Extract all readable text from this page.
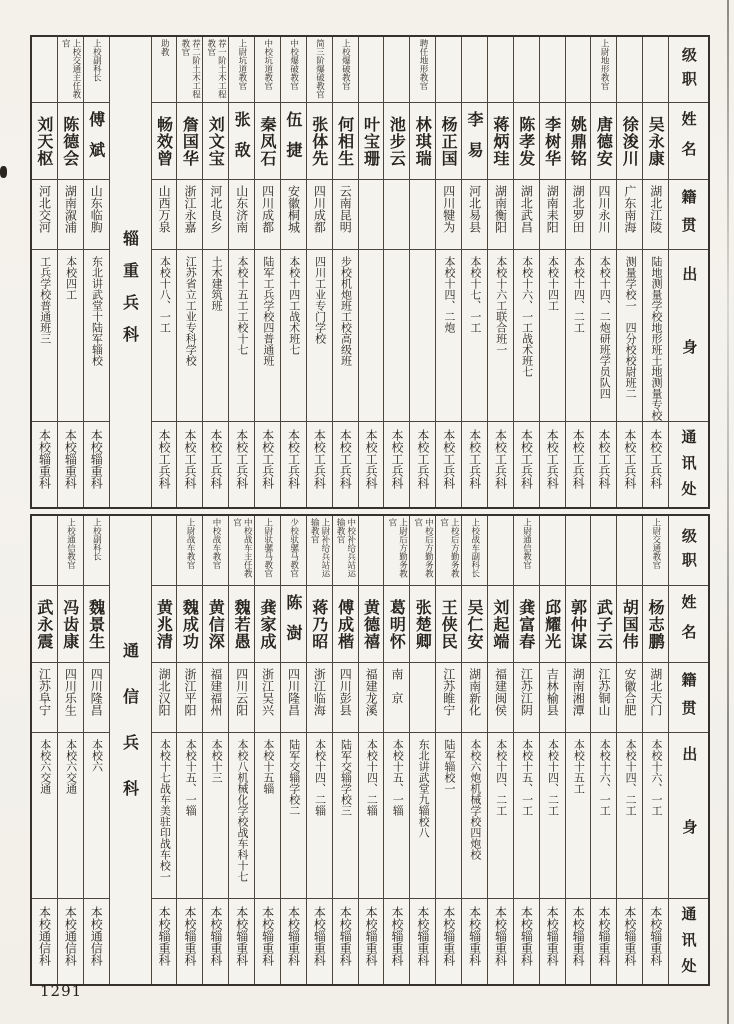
级职
姓名
籍贯
出身
通讯处
吴永康
湖北江陵
陆地测量学校地形班土地测量专校
本校工兵科
徐浚川
广东南海
测量学校一　四分校校尉班二
本校工兵科
上尉地形教官
唐德安
四川永川
本校十四、二炮研班学员队四
本校工兵科
姚鼎铭
湖北罗田
本校十四、二工
本校工兵科
李树华
湖南耒阳
本校十四工
本校工兵科
陈孝发
湖北武昌
本校十六、一工战术班七
本校工兵科
蒋炳珪
湖南衡阳
本校十六工联合班一
本校工兵科
李易
河北易县
本校十七、一工
本校工兵科
杨正国
四川犍为
本校十四、二炮
本校工兵科
聘任地形教官
林琪瑞
本校工兵科
池步云
本校工兵科
叶宝珊
本校工兵科
上校爆破教官
何相生
云南昆明
步校机炮班工校高级班
本校工兵科
简三阶爆破教官
张体先
四川成都
四川工业专门学校
本校工兵科
中校爆破教官
伍捷
安徽桐城
本校十四工战术班七
本校工兵科
中校坑道教官
秦凤石
四川成都
陆军工兵学校四普通班
本校工兵科
上尉坑道教官
张敌
山东济南
本校十五工工校十七
本校工兵科
荐一阶土木工程教官
刘文宝
河北良乡
土木建筑班
本校工兵科
荐二阶土木工程教官
詹国华
浙江永嘉
江苏省立工业专科学校
本校工兵科
助教
畅效曾
山西万泉
本校十八、一工
本校工兵科
辎重兵科
上校副科长
傅斌
山东临朐
东北讲武堂十陆军辎校
本校辎重科
上校交通主任教官
陈德会
湖南溆浦
本校四工
本校辎重科
刘天枢
河北交河
工兵学校普通班三
本校辎重科
级职
姓名
籍贯
出身
通讯处
上尉交通教官
杨志鹏
湖北天门
本校十六、一工
本校辎重科
胡国伟
安徽合肥
本校十四、二工
本校辎重科
武子云
江苏铜山
本校十六、一工
本校辎重科
郭仲谋
湖南湘潭
本校十五工
本校辎重科
邱耀光
吉林榆县
本校十四、二工
本校辎重科
上尉通信教官
龚富春
江苏江阴
本校十五、一工
本校辎重科
刘起端
福建闽侯
本校十四、二工
本校辎重科
上校战车副科长
吴仁安
湖南新化
本校六炮机械学校四炮校
本校辎重科
上校后方勤务教官
王侠民
江苏睢宁
陆军辎校一
本校辎重科
中校后方勤务教官
张楚卿
东北讲武堂九辎校八
本校辎重科
上尉后方勤务教官
葛明怀
南　京
本校十五、一辎
本校辎重科
黄德禧
福建龙溪
本校十四、二辎
本校辎重科
中校补给兵站运输教官
傅成楷
四川彭县
陆军交辎学校三
本校辎重科
上尉补给兵站运输教官
蒋乃昭
浙江临海
本校十四、二辎
本校辎重科
少校驮骡马教官
陈澍
四川隆昌
陆军交辎学校二
本校辎重科
上尉驮骡马教官
龚家成
浙江吴兴
本校十五辎
本校辎重科
中校战车主任教官
魏若愚
四川云阳
本校八机械化学校战车科十七
本校辎重科
中校战车教官
黄信深
福建福州
本校十三
本校辎重科
上尉战车教官
魏成功
浙江平阳
本校十五、一辎
本校辎重科
黄兆清
湖北汉阳
本校十七战车美驻印战车校一
本校辎重科
通信兵科
上校副科长
魏景生
四川隆昌
本校六
本校通信科
上校通信教官
冯齿康
四川乐生
本校六交通
本校通信科
武永震
江苏阜宁
本校六交通
本校通信科
1291
